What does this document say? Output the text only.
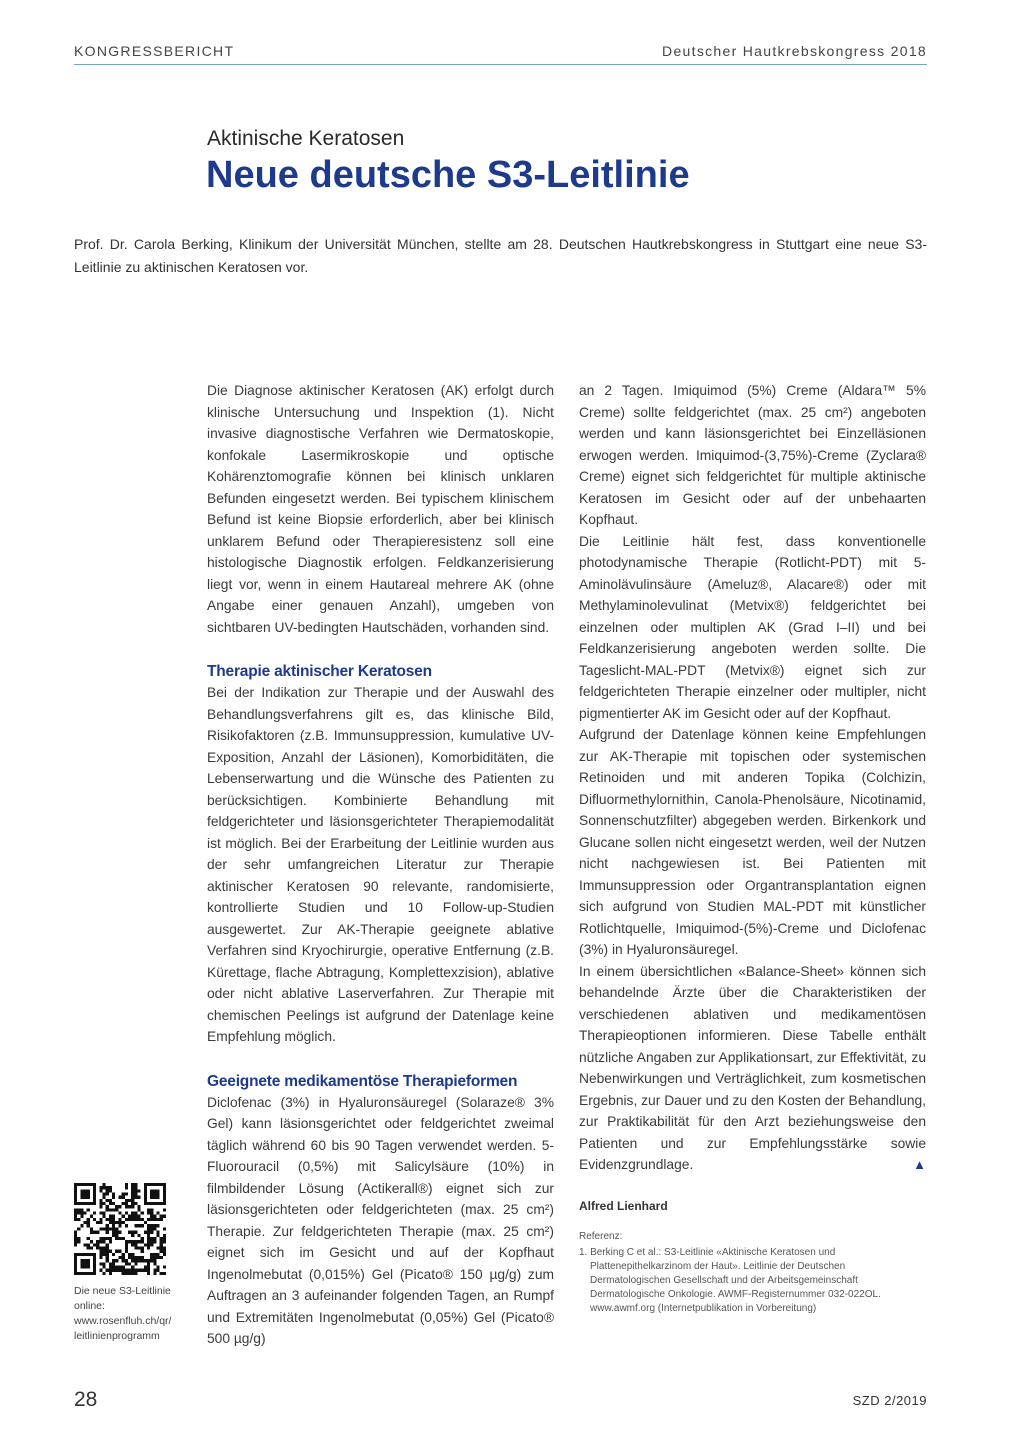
KONGRESSBERICHT	Deutscher Hautkrebskongress 2018
Aktinische Keratosen
Neue deutsche S3-Leitlinie
Prof. Dr. Carola Berking, Klinikum der Universität München, stellte am 28. Deutschen Hautkrebskongress in Stuttgart eine neue S3-Leitlinie zu aktinischen Keratosen vor.

Die Diagnose aktinischer Keratosen (AK) erfolgt durch klinische Untersuchung und Inspektion (1). Nicht invasive diagnostische Verfahren wie Dermatoskopie, konfokale Lasermikroskopie und optische Kohärenztomografie können bei klinisch unklaren Befunden eingesetzt werden. Bei typischem klinischem Befund ist keine Biopsie erforderlich, aber bei klinisch unklarem Befund oder Therapieresistenz soll eine histologische Diagnostik erfolgen. Feldkanzerisierung liegt vor, wenn in einem Hautareal mehrere AK (ohne Angabe einer genauen Anzahl), umgeben von sichtbaren UV-bedingten Hautschäden, vorhanden sind.

Therapie aktinischer Keratosen

Bei der Indikation zur Therapie und der Auswahl des Behandlungsverfahrens gilt es, das klinische Bild, Risikofaktoren (z.B. Immunsuppression, kumulative UV-Exposition, Anzahl der Läsionen), Komorbiditäten, die Lebenserwartung und die Wünsche des Patienten zu berücksichtigen. Kombinierte Behandlung mit feldgerichteter und läsionsgerichteter Therapiemodalität ist möglich. Bei der Erarbeitung der Leitlinie wurden aus der sehr umfangreichen Literatur zur Therapie aktinischer Keratosen 90 relevante, randomisierte, kontrollierte Studien und 10 Follow-up-Studien ausgewertet. Zur AK-Therapie geeignete ablative Verfahren sind Kryochirurgie, operative Entfernung (z.B. Kürettage, flache Abtragung, Komplettexzision), ablative oder nicht ablative Laserverfahren. Zur Therapie mit chemischen Peelings ist aufgrund der Datenlage keine Empfehlung möglich.

Geeignete medikamentöse Therapieformen

Diclofenac (3%) in Hyaluronsäuregel (Solaraze® 3% Gel) kann läsionsgerichtet oder feldgerichtet zweimal täglich während 60 bis 90 Tagen verwendet werden. 5-Fluorouracil (0,5%) mit Salicylsäure (10%) in filmbildender Lösung (Actikerall®) eignet sich zur läsionsgerichteten oder feldgerichteten (max. 25 cm²) Therapie. Zur feldgerichteten Therapie (max. 25 cm²) eignet sich im Gesicht und auf der Kopfhaut Ingenolmebutat (0,015%) Gel (Picato® 150 µg/g) zum Auftragen an 3 aufeinander folgenden Tagen, an Rumpf und Extremitäten Ingenolmebutat (0,05%) Gel (Picato® 500 µg/g)

an 2 Tagen. Imiquimod (5%) Creme (Aldara™ 5% Creme) sollte feldgerichtet (max. 25 cm²) angeboten werden und kann läsionsgerichtet bei Einzelläsionen erwogen werden. Imiquimod-(3,75%)-Creme (Zyclara® Creme) eignet sich feldgerichtet für multiple aktinische Keratosen im Gesicht oder auf der unbehaarten Kopfhaut.

Die Leitlinie hält fest, dass konventionelle photodynamische Therapie (Rotlicht-PDT) mit 5-Aminolävulinsäure (Ameluz®, Alacare®) oder mit Methylaminolevulinat (Metvix®) feldgerichtet bei einzelnen oder multiplen AK (Grad I–II) und bei Feldkanzerisierung angeboten werden sollte. Die Tageslicht-MAL-PDT (Metvix®) eignet sich zur feldgerichteten Therapie einzelner oder multipler, nicht pigmentierter AK im Gesicht oder auf der Kopfhaut.

Aufgrund der Datenlage können keine Empfehlungen zur AK-Therapie mit topischen oder systemischen Retinoiden und mit anderen Topika (Colchizin, Difluormethylornithin, Canola-Phenolsäure, Nicotinamid, Sonnenschutzfilter) abgegeben werden. Birkenkork und Glucane sollen nicht eingesetzt werden, weil der Nutzen nicht nachgewiesen ist. Bei Patienten mit Immunsuppression oder Organtransplantation eignen sich aufgrund von Studien MAL-PDT mit künstlicher Rotlichtquelle, Imiquimod-(5%)-Creme und Diclofenac (3%) in Hyaluronsäuregel.

In einem übersichtlichen «Balance-Sheet» können sich behandelnde Ärzte über die Charakteristiken der verschiedenen ablativen und medikamentösen Therapieoptionen informieren. Diese Tabelle enthält nützliche Angaben zur Applikationsart, zur Effektivität, zu Nebenwirkungen und Verträglichkeit, zum kosmetischen Ergebnis, zur Dauer und zu den Kosten der Behandlung, zur Praktikabilität für den Arzt beziehungsweise den Patienten und zur Empfehlungsstärke sowie Evidenzgrundlage.	▲

Alfred Lienhard
Referenz:
1. Berking C et al.: S3-Leitlinie «Aktinische Keratosen und Plattenepithelkarzinom der Haut». Leitlinie der Deutschen Dermatologischen Gesellschaft und der Arbeitsgemeinschaft Dermatologische Onkologie. AWMF-Registernummer 032-022OL. www.awmf.org (Internetpublikation in Vorbereitung)
Die neue S3-Leitlinie
online:
www.rosenfluh.ch/qr/
leitlinienprogramm
28	SZD 2/2019
